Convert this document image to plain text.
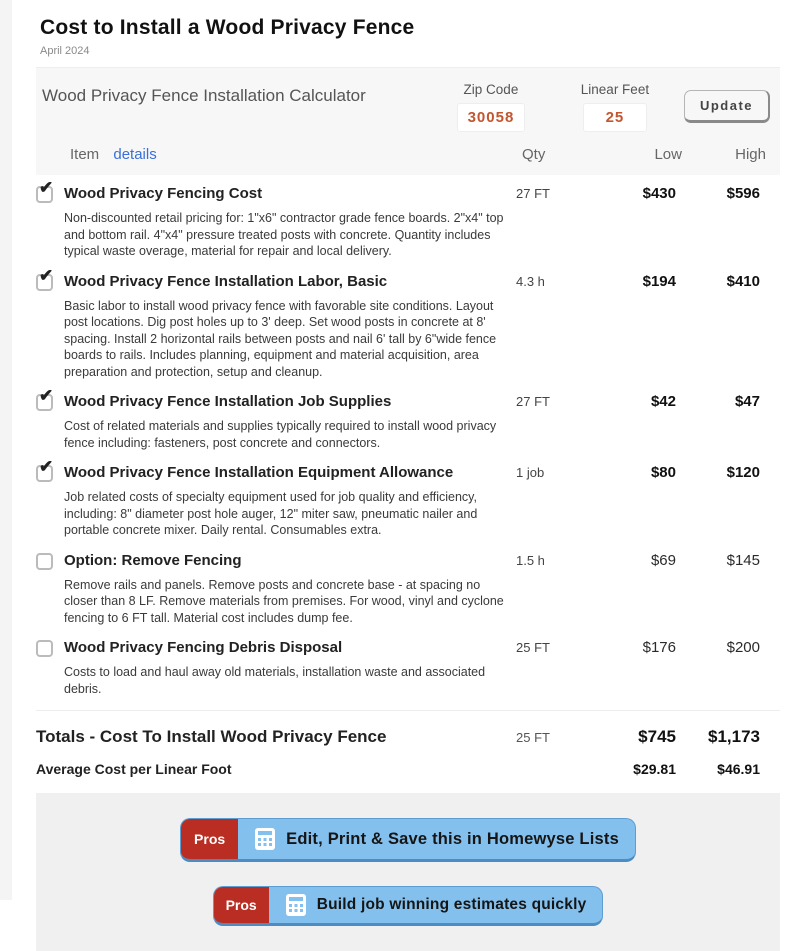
Cost to Install a Wood Privacy Fence
April 2024
Wood Privacy Fence Installation Calculator	Zip Code
30058
Linear Feet
25
Update
Item details	Qty	Low	High
✔ Wood Privacy Fencing Cost
Non-discounted retail pricing for: 1"x6" contractor grade fence boards. 2"x4" top and bottom rail. 4"x4" pressure treated posts with concrete. Quantity includes typical waste overage, material for repair and local delivery.
27 FT	$430	$596
✔ Wood Privacy Fence Installation Labor, Basic
Basic labor to install wood privacy fence with favorable site conditions. Layout post locations. Dig post holes up to 3' deep. Set wood posts in concrete at 8' spacing. Install 2 horizontal rails between posts and nail 6' tall by 6"wide fence boards to rails. Includes planning, equipment and material acquisition, area preparation and protection, setup and cleanup.
4.3 h	$194	$410
✔ Wood Privacy Fence Installation Job Supplies
Cost of related materials and supplies typically required to install wood privacy fence including: fasteners, post concrete and connectors.
27 FT	$42	$47
✔ Wood Privacy Fence Installation Equipment Allowance
Job related costs of specialty equipment used for job quality and efficiency, including: 8" diameter post hole auger, 12" miter saw, pneumatic nailer and portable concrete mixer. Daily rental. Consumables extra.
1 job	$80	$120
Option: Remove Fencing
Remove rails and panels. Remove posts and concrete base - at spacing no closer than 8 LF. Remove materials from premises. For wood, vinyl and cyclone fencing to 6 FT tall. Material cost includes dump fee.
1.5 h	$69	$145
Wood Privacy Fencing Debris Disposal
Costs to load and haul away old materials, installation waste and associated debris.
25 FT	$176	$200
Totals - Cost To Install Wood Privacy Fence	25 FT	$745	$1,173
Average Cost per Linear Foot	$29.81	$46.91
Pros	Edit, Print & Save this in Homewyse Lists
Pros	Build job winning estimates quickly
